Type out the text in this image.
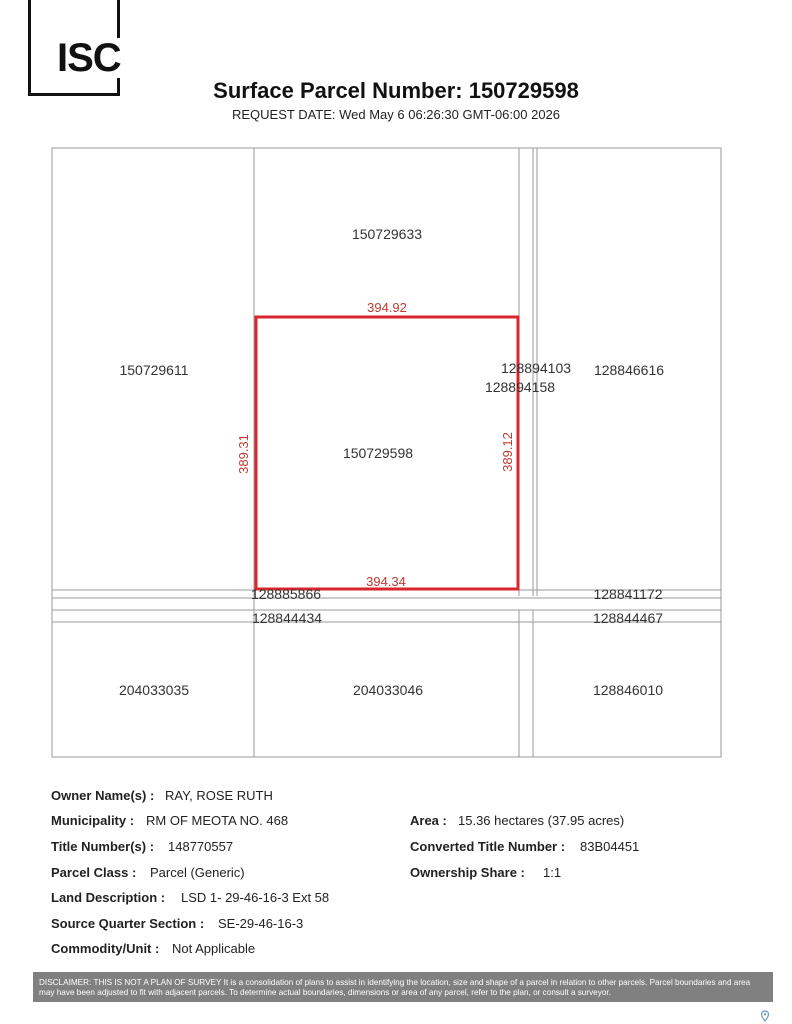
ISC
Surface Parcel Number: 150729598
REQUEST DATE: Wed May 6 06:26:30 GMT-06:00 2026
150729633
150729611
150729598
128894103
128894158
128846616
128885866	128841172
128844434	128844467
204033035	204033046	128846010
394.92
394.34
389.31	389.12
Owner Name(s) : RAY, ROSE RUTH
Municipality : RM OF MEOTA NO. 468
Title Number(s) : 148770557
Parcel Class : Parcel (Generic)
Land Description : LSD 1- 29-46-16-3 Ext 58
Source Quarter Section : SE-29-46-16-3
Commodity/Unit : Not Applicable
Area : 15.36 hectares (37.95 acres)
Converted Title Number : 83B04451
Ownership Share : 1:1
DISCLAIMER: THIS IS NOT A PLAN OF SURVEY It is a consolidation of plans to assist in identifying the location, size and shape of a parcel in relation to other parcels. Parcel boundaries and area may have been adjusted to fit with adjacent parcels. To determine actual boundaries, dimensions or area of any parcel, refer to the plan, or consult a surveyor.
